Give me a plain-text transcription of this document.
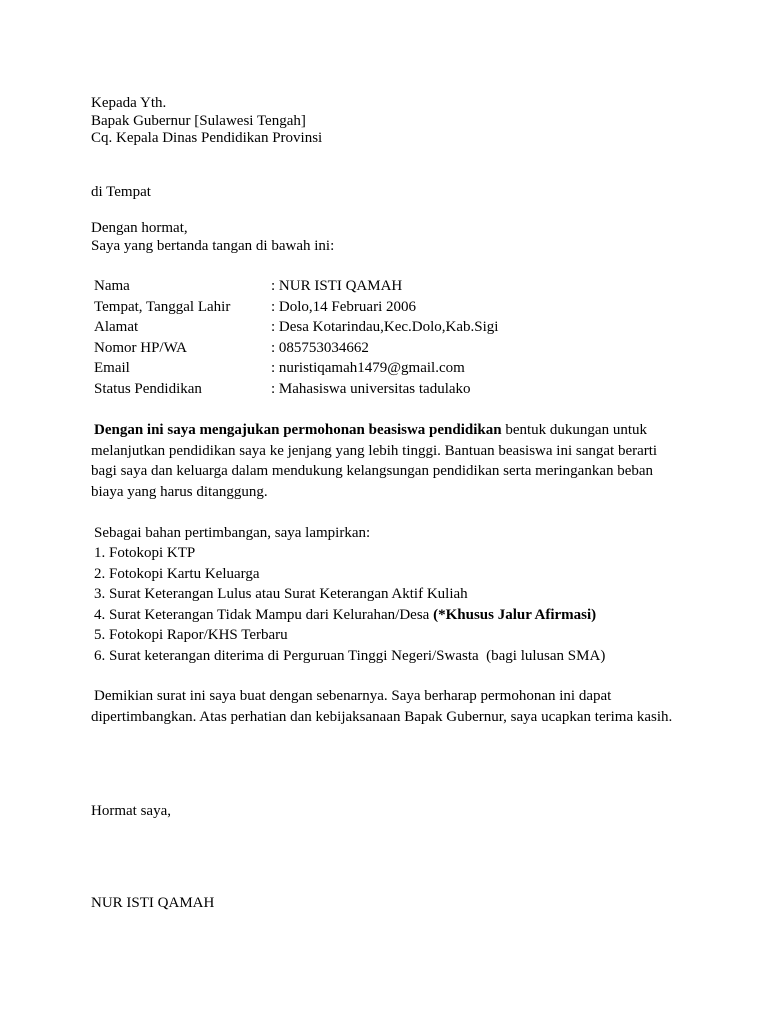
Kepada Yth.
Bapak Gubernur [Sulawesi Tengah]
Cq. Kepala Dinas Pendidikan Provinsi
di Tempat
Dengan hormat,
Saya yang bertanda tangan di bawah ini:
Nama	: NUR ISTI QAMAH
Tempat, Tanggal Lahir	: Dolo,14 Februari 2006
Alamat	: Desa Kotarindau,Kec.Dolo,Kab.Sigi
Nomor HP/WA	: 085753034662
Email	: nuristiqamah1479@gmail.com
Status Pendidikan	: Mahasiswa universitas tadulako
Dengan ini saya mengajukan permohonan beasiswa pendidikan bentuk dukungan untuk
melanjutkan pendidikan saya ke jenjang yang lebih tinggi. Bantuan beasiswa ini sangat berarti
bagi saya dan keluarga dalam mendukung kelangsungan pendidikan serta meringankan beban
biaya yang harus ditanggung.
Sebagai bahan pertimbangan, saya lampirkan:
1. Fotokopi KTP
2. Fotokopi Kartu Keluarga
3. Surat Keterangan Lulus atau Surat Keterangan Aktif Kuliah
4. Surat Keterangan Tidak Mampu dari Kelurahan/Desa (*Khusus Jalur Afirmasi)
5. Fotokopi Rapor/KHS Terbaru
6. Surat keterangan diterima di Perguruan Tinggi Negeri/Swasta  (bagi lulusan SMA)
Demikian surat ini saya buat dengan sebenarnya. Saya berharap permohonan ini dapat
dipertimbangkan. Atas perhatian dan kebijaksanaan Bapak Gubernur, saya ucapkan terima kasih.
Hormat saya,
NUR ISTI QAMAH
